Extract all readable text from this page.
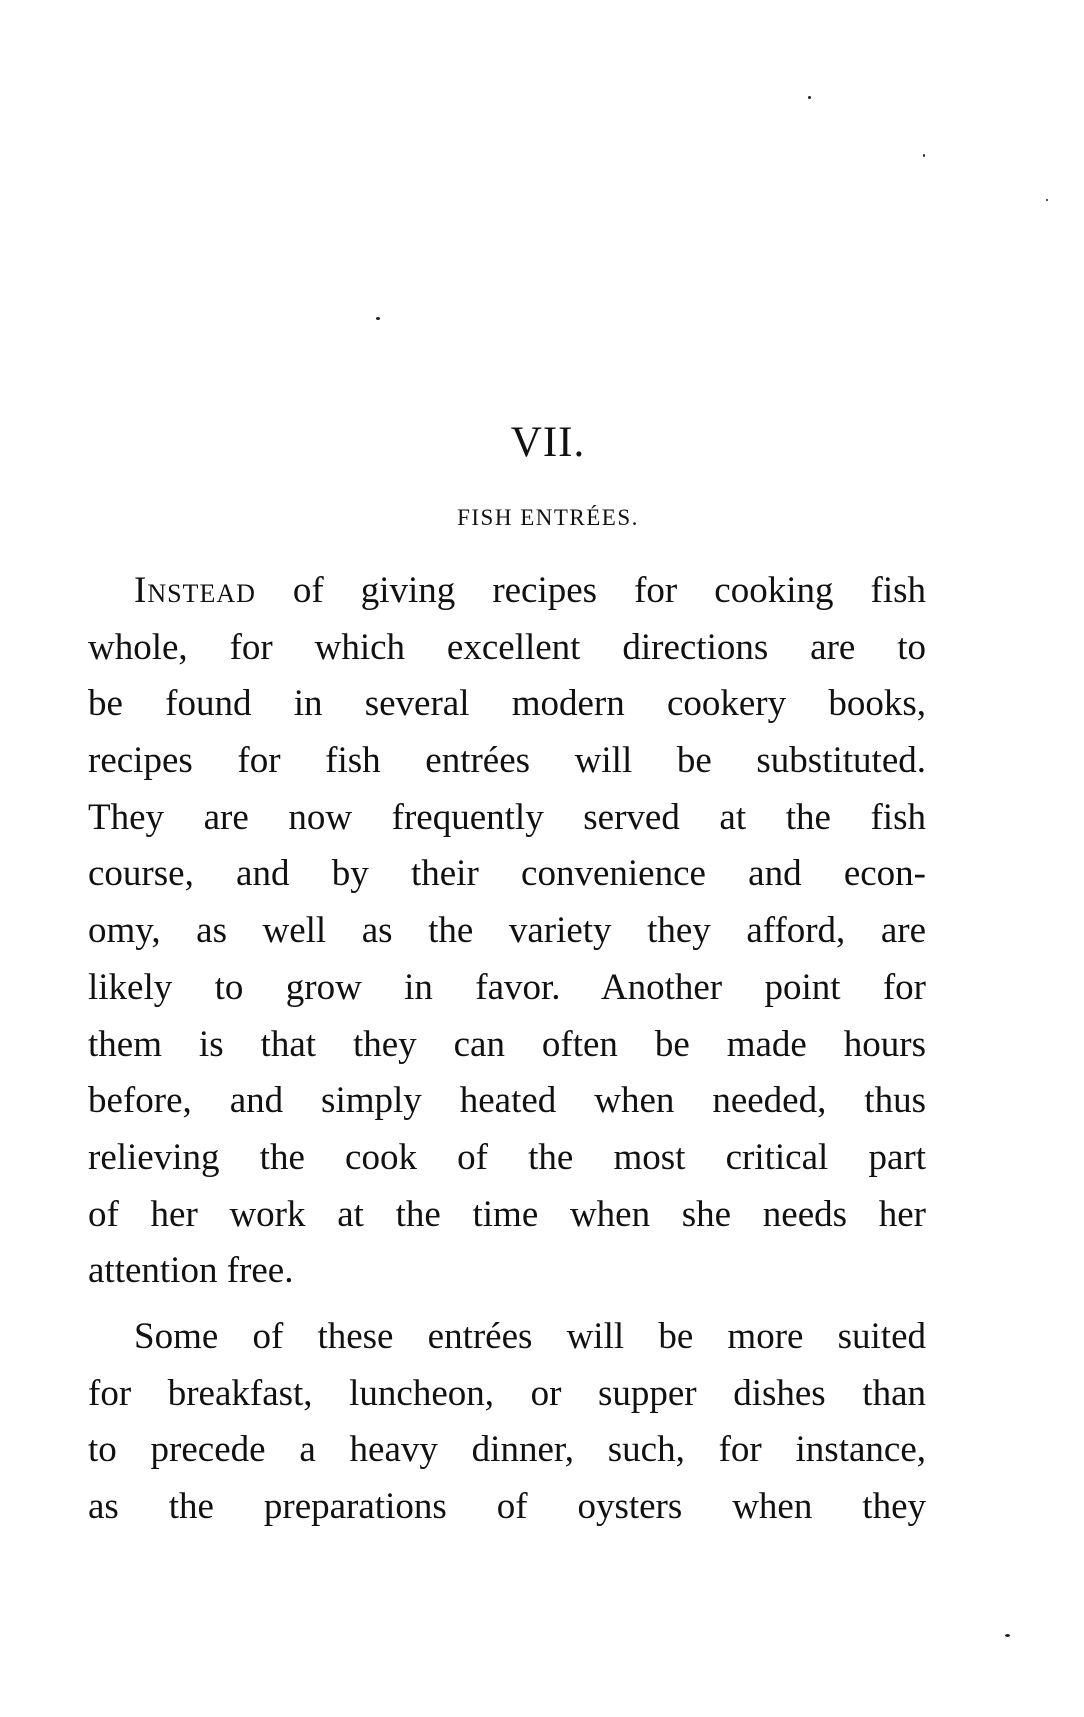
VII.
FISH ENTRÉES.
Instead of giving recipes for cooking fish
whole, for which excellent directions are to
be found in several modern cookery books,
recipes for fish entrées will be substituted.
They are now frequently served at the fish
course, and by their convenience and econ-
omy, as well as the variety they afford, are
likely to grow in favor. Another point for
them is that they can often be made hours
before, and simply heated when needed, thus
relieving the cook of the most critical part
of her work at the time when she needs her
attention free.
Some of these entrées will be more suited
for breakfast, luncheon, or supper dishes than
to precede a heavy dinner, such, for instance,
as the preparations of oysters when they
